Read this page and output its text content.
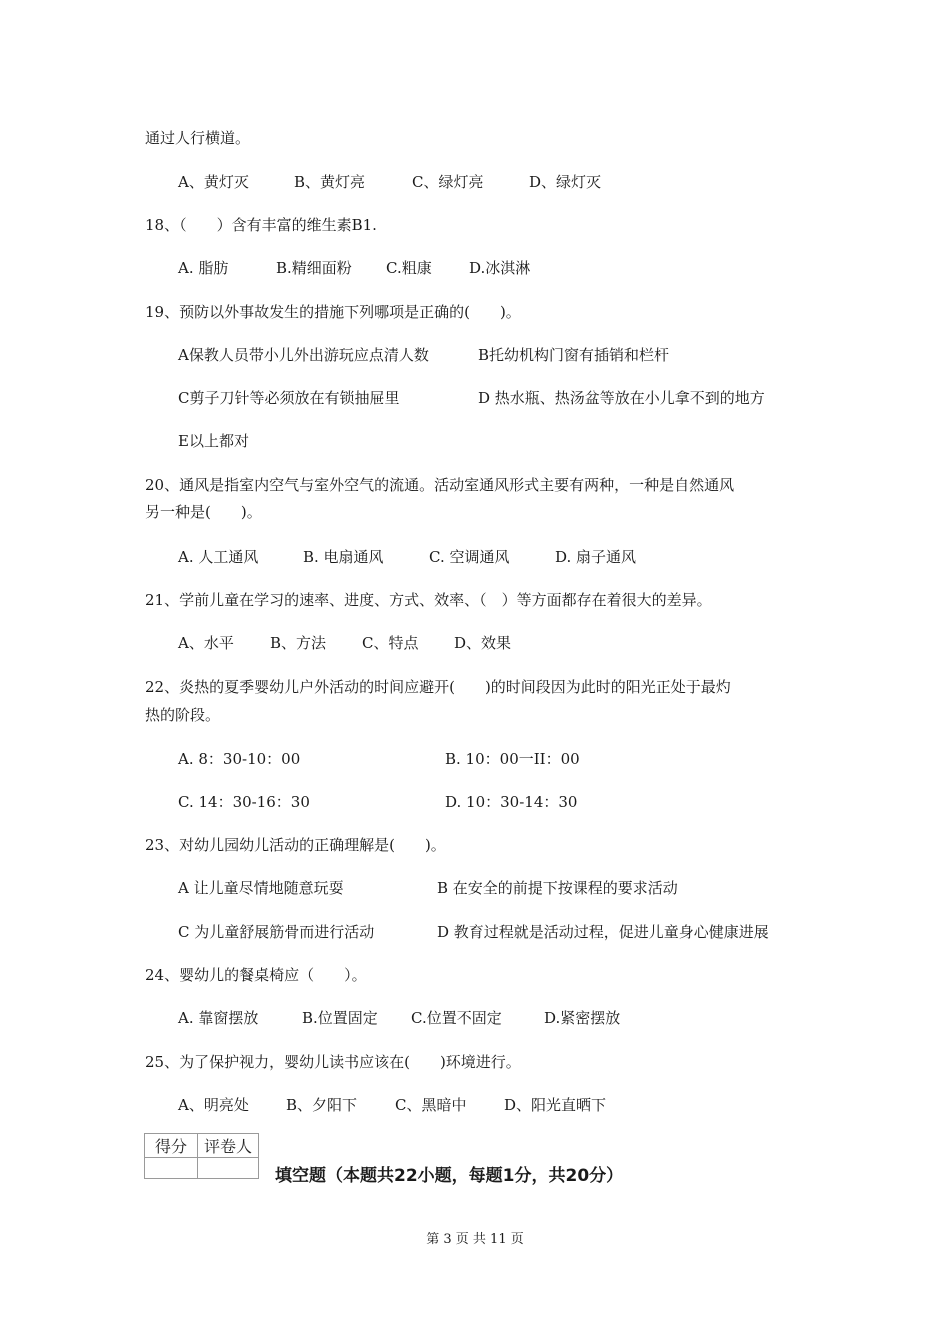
通过人行横道。
A、黄灯灭	B、黄灯亮	C、绿灯亮	D、绿灯灭
18、（　　）含有丰富的维生素B1.
A. 脂肪	B.精细面粉 C.粗康 D.冰淇淋
19、预防以外事故发生的措施下列哪项是正确的(　　)。
A保教人员带小儿外出游玩应点清人数	B托幼机构门窗有插销和栏杆
C剪子刀针等必须放在有锁抽屉里	D 热水瓶、热汤盆等放在小儿拿不到的地方
E以上都对
20、通风是指室内空气与室外空气的流通。活动室通风形式主要有两种，一种是自然通风
另一种是(　　)。
A. 人工通风	B. 电扇通风	C. 空调通风	D. 扇子通风
21、学前儿童在学习的速率、进度、方式、效率、（　）等方面都存在着很大的差异。
A、水平 B、方法 C、特点 D、效果
22、炎热的夏季婴幼儿户外活动的时间应避开(　　)的时间段因为此时的阳光正处于最灼
热的阶段。
A. 8：30-10：00	B. 10：00一II：00
C. 14：30-16：30	D. 10：30-14：30
23、对幼儿园幼儿活动的正确理解是(　　)。
A 让儿童尽情地随意玩耍	B 在安全的前提下按课程的要求活动
C 为儿童舒展筋骨而进行活动	D 教育过程就是活动过程，促进儿童身心健康进展
24、婴幼儿的餐桌椅应（　　）。
A. 靠窗摆放	B.位置固定 C.位置不固定	D.紧密摆放
25、为了保护视力，婴幼儿读书应该在(　　)环境进行。
A、明亮处 B、夕阳下	C、黑暗中	D、阳光直晒下
得分	评卷人

填空题（本题共22小题，每题1分，共20分）
第 3 页 共 11 页
